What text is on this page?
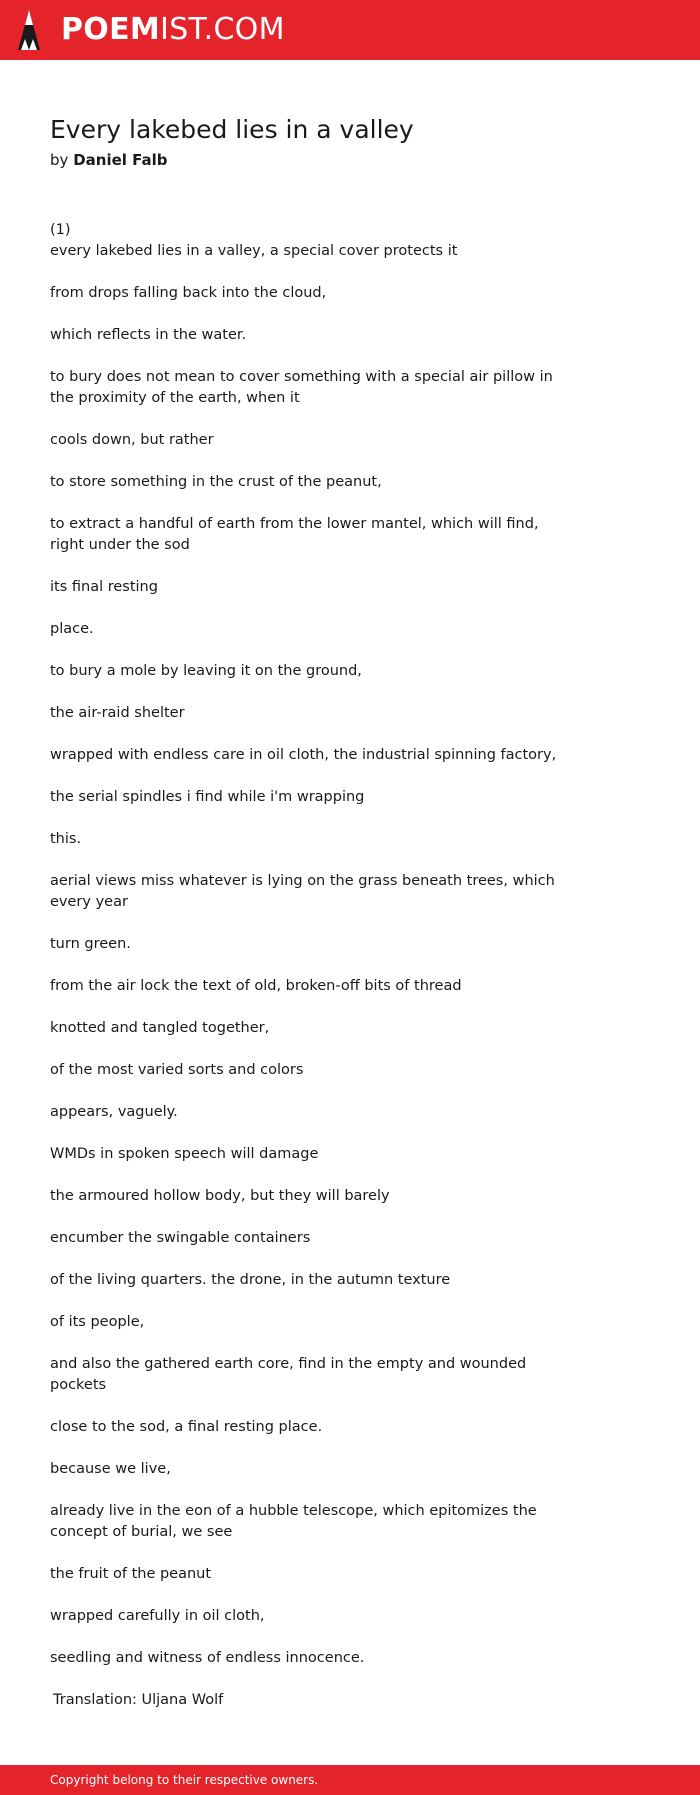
POEMIST.COM
Every lakebed lies in a valley
by Daniel Falb

(1)

every lakebed lies in a valley, a special cover protects it

from drops falling back into the cloud,

which reflects in the water.

to bury does not mean to cover something with a special air pillow in the proximity of the earth, when it

cools down, but rather

to store something in the crust of the peanut,

to extract a handful of earth from the lower mantel, which will find, right under the sod

its final resting

place.

to bury a mole by leaving it on the ground,

the air-raid shelter

wrapped with endless care in oil cloth, the industrial spinning factory,

the serial spindles i find while i'm wrapping

this.

aerial views miss whatever is lying on the grass beneath trees, which every year

turn green.

from the air lock the text of old, broken-off bits of thread

knotted and tangled together,

of the most varied sorts and colors

appears, vaguely.

WMDs in spoken speech will damage

the armoured hollow body, but they will barely

encumber the swingable containers

of the living quarters. the drone, in the autumn texture

of its people,

and also the gathered earth core, find in the empty and wounded pockets

close to the sod, a final resting place.

because we live,

already live in the eon of a hubble telescope, which epitomizes the concept of burial, we see

the fruit of the peanut

wrapped carefully in oil cloth,

seedling and witness of endless innocence.

Translation: Uljana Wolf

Copyright belong to their respective owners.
